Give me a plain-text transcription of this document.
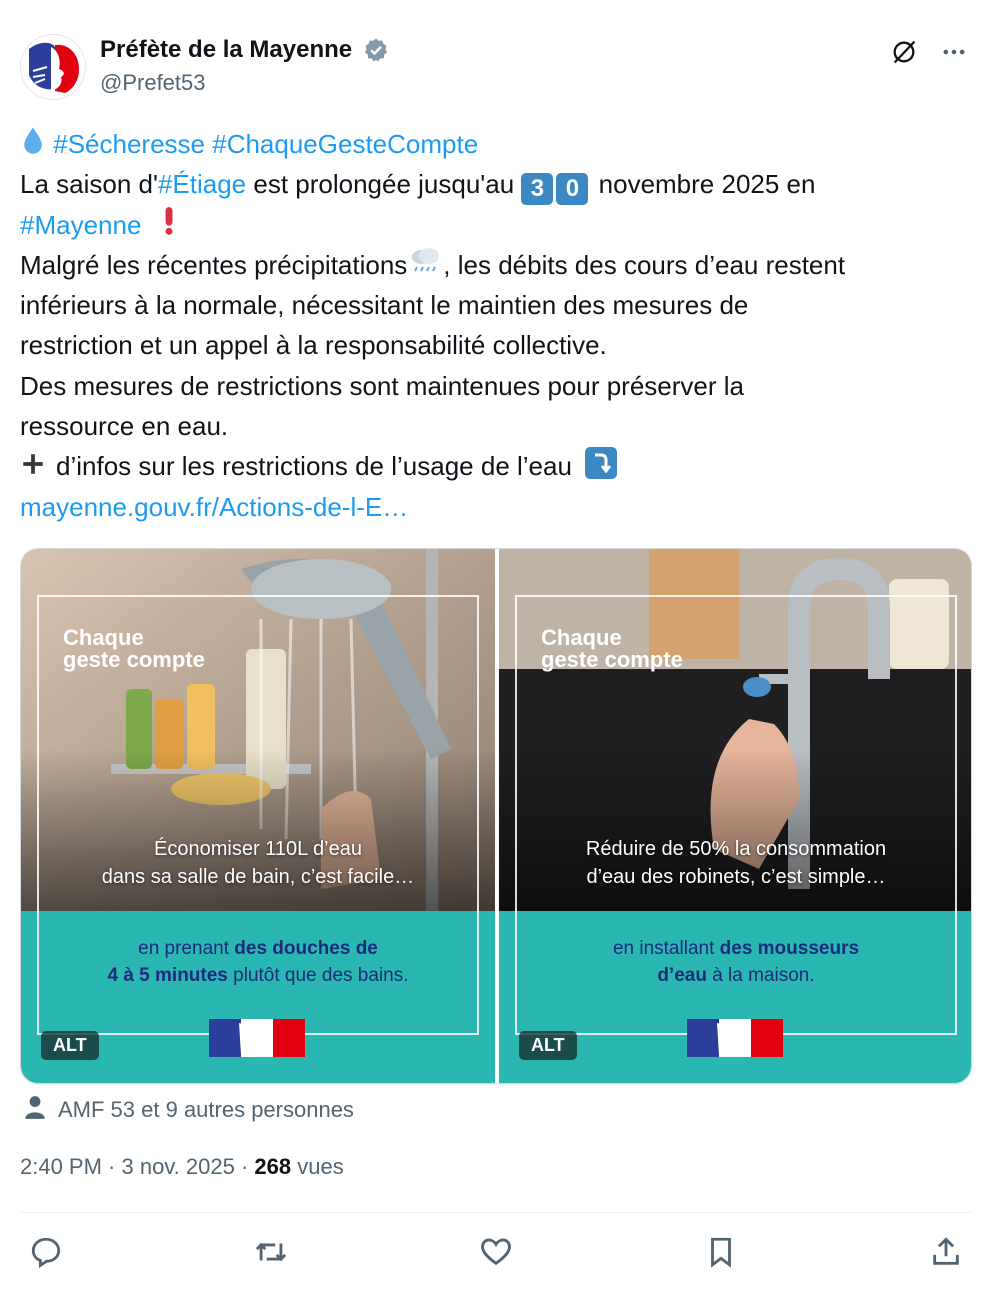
Préfète de la Mayenne
@Prefet53
#Sécheresse #ChaqueGesteCompte
La saison d'#Étiage est prolongée jusqu'au 3 0 novembre 2025 en
#Mayenne
Malgré les récentes précipitations , les débits des cours d’eau restent
inférieurs à la normale, nécessitant le maintien des mesures de
restriction et un appel à la responsabilité collective.
Des mesures de restrictions sont maintenues pour préserver la
ressource en eau.
d’infos sur les restrictions de l’usage de l’eau
mayenne.gouv.fr/Actions-de-l-E…
Chaque
geste compte
Économiser 110L d’eau
dans sa salle de bain, c’est facile…
en prenant des douches de
4 à 5 minutes plutôt que des bains.
ALT
Chaque
geste compte
Réduire de 50% la consommation
d’eau des robinets, c’est simple…
en installant des mousseurs
d’eau à la maison.
ALT
AMF 53 et 9 autres personnes
2:40 PM · 3 nov. 2025 · 268 vues
